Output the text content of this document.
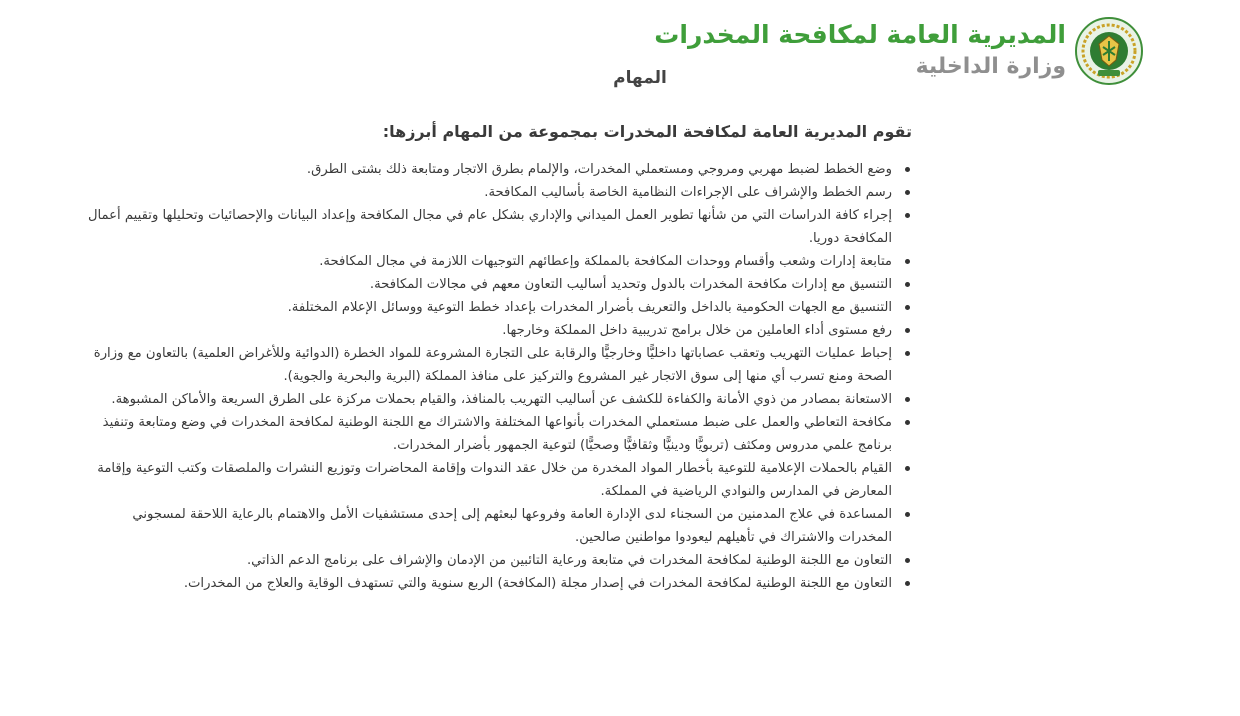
المديرية العامة لمكافحة المخدرات
وزارة الداخلية
المهام

تقوم المديرية العامة لمكافحة المخدرات بمجموعة من المهام أبرزها:

وضع الخطط لضبط مهربي ومروجي ومستعملي المخدرات، والإلمام بطرق الاتجار ومتابعة ذلك بشتى الطرق.
رسم الخطط والإشراف على الإجراءات النظامية الخاصة بأساليب المكافحة.
إجراء كافة الدراسات التي من شأنها تطوير العمل الميداني والإداري بشكل عام في مجال المكافحة وإعداد البيانات والإحصائيات وتحليلها وتقييم أعمال المكافحة دوريا.
متابعة إدارات وشعب وأقسام ووحدات المكافحة بالمملكة وإعطائهم التوجيهات اللازمة في مجال المكافحة.
التنسيق مع إدارات مكافحة المخدرات بالدول وتحديد أساليب التعاون معهم في مجالات المكافحة.
التنسيق مع الجهات الحكومية بالداخل والتعريف بأضرار المخدرات بإعداد خطط التوعية ووسائل الإعلام المختلفة.
رفع مستوى أداء العاملين من خلال برامج تدريبية داخل المملكة وخارجها.
إحباط عمليات التهريب وتعقب عصاباتها داخليًّا وخارجيًّا والرقابة على التجارة المشروعة للمواد الخطرة (الدوائية وللأغراض العلمية) بالتعاون مع وزارة الصحة ومنع تسرب أي منها إلى سوق الاتجار غير المشروع والتركيز على منافذ المملكة (البرية والبحرية والجوية).
الاستعانة بمصادر من ذوي الأمانة والكفاءة للكشف عن أساليب التهريب بالمنافذ، والقيام بحملات مركزة على الطرق السريعة والأماكن المشبوهة.
مكافحة التعاطي والعمل على ضبط مستعملي المخدرات بأنواعها المختلفة والاشتراك مع اللجنة الوطنية لمكافحة المخدرات في وضع ومتابعة وتنفيذ برنامج علمي مدروس ومكثف (تربويًّا ودينيًّا وثقافيًّا وصحيًّا) لتوعية الجمهور بأضرار المخدرات.
القيام بالحملات الإعلامية للتوعية بأخطار المواد المخدرة من خلال عقد الندوات وإقامة المحاضرات وتوزيع النشرات والملصقات وكتب التوعية وإقامة المعارض في المدارس والنوادي الرياضية في المملكة.
المساعدة في علاج المدمنين من السجناء لدى الإدارة العامة وفروعها لبعثهم إلى إحدى مستشفيات الأمل والاهتمام بالرعاية اللاحقة لمسجوني المخدرات والاشتراك في تأهيلهم ليعودوا مواطنين صالحين.
التعاون مع اللجنة الوطنية لمكافحة المخدرات في متابعة ورعاية التائبين من الإدمان والإشراف على برنامج الدعم الذاتي.
التعاون مع اللجنة الوطنية لمكافحة المخدرات في إصدار مجلة (المكافحة) الربع سنوية والتي تستهدف الوقاية والعلاج من المخدرات.
